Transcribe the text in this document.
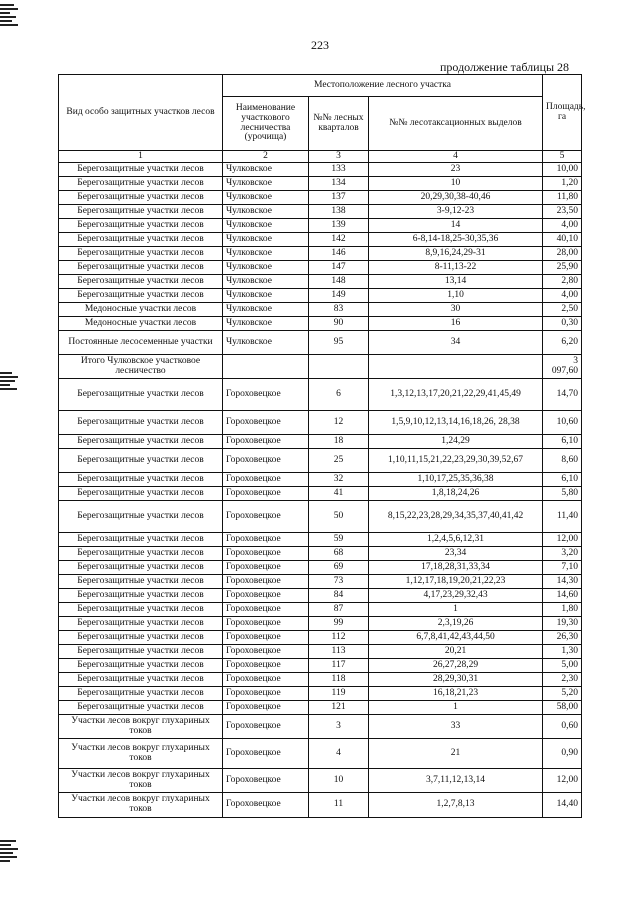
223
продолжение таблицы 28
Вид особо защитных участков лесов	Местоположение лесного участка			Площадь, га
	Наименование участкового лесничества (урочища)	№№ лесных кварталов	№№ лесотаксационных выделов	
1	2	3	4	5
Берегозащитные участки лесов	Чулковское	133	23	10,00
Берегозащитные участки лесов	Чулковское	134	10	1,20
Берегозащитные участки лесов	Чулковское	137	20,29,30,38-40,46	11,80
Берегозащитные участки лесов	Чулковское	138	3-9,12-23	23,50
Берегозащитные участки лесов	Чулковское	139	14	4,00
Берегозащитные участки лесов	Чулковское	142	6-8,14-18,25-30,35,36	40,10
Берегозащитные участки лесов	Чулковское	146	8,9,16,24,29-31	28,00
Берегозащитные участки лесов	Чулковское	147	8-11,13-22	25,90
Берегозащитные участки лесов	Чулковское	148	13,14	2,80
Берегозащитные участки лесов	Чулковское	149	1,10	4,00
Медоносные участки лесов	Чулковское	83	30	2,50
Медоносные участки лесов	Чулковское	90	16	0,30
Постоянные лесосеменные участки	Чулковское	95	34	6,20
Итого Чулковское участковое лесничество				3 097,60
Берегозащитные участки лесов	Гороховецкое	6	1,3,12,13,17,20,21,22,29,41,45,49	14,70
Берегозащитные участки лесов	Гороховецкое	12	1,5,9,10,12,13,14,16,18,26, 28,38	10,60
Берегозащитные участки лесов	Гороховецкое	18	1,24,29	6,10
Берегозащитные участки лесов	Гороховецкое	25	1,10,11,15,21,22,23,29,30,39,52,67	8,60
Берегозащитные участки лесов	Гороховецкое	32	1,10,17,25,35,36,38	6,10
Берегозащитные участки лесов	Гороховецкое	41	1,8,18,24,26	5,80
Берегозащитные участки лесов	Гороховецкое	50	8,15,22,23,28,29,34,35,37,40,41,42	11,40
Берегозащитные участки лесов	Гороховецкое	59	1,2,4,5,6,12,31	12,00
Берегозащитные участки лесов	Гороховецкое	68	23,34	3,20
Берегозащитные участки лесов	Гороховецкое	69	17,18,28,31,33,34	7,10
Берегозащитные участки лесов	Гороховецкое	73	1,12,17,18,19,20,21,22,23	14,30
Берегозащитные участки лесов	Гороховецкое	84	4,17,23,29,32,43	14,60
Берегозащитные участки лесов	Гороховецкое	87	1	1,80
Берегозащитные участки лесов	Гороховецкое	99	2,3,19,26	19,30
Берегозащитные участки лесов	Гороховецкое	112	6,7,8,41,42,43,44,50	26,30
Берегозащитные участки лесов	Гороховецкое	113	20,21	1,30
Берегозащитные участки лесов	Гороховецкое	117	26,27,28,29	5,00
Берегозащитные участки лесов	Гороховецкое	118	28,29,30,31	2,30
Берегозащитные участки лесов	Гороховецкое	119	16,18,21,23	5,20
Берегозащитные участки лесов	Гороховецкое	121	1	58,00
Участки лесов вокруг глухариных токов	Гороховецкое	3	33	0,60
Участки лесов вокруг глухариных токов	Гороховецкое	4	21	0,90
Участки лесов вокруг глухариных токов	Гороховецкое	10	3,7,11,12,13,14	12,00
Участки лесов вокруг глухариных токов	Гороховецкое	11	1,2,7,8,13	14,40
